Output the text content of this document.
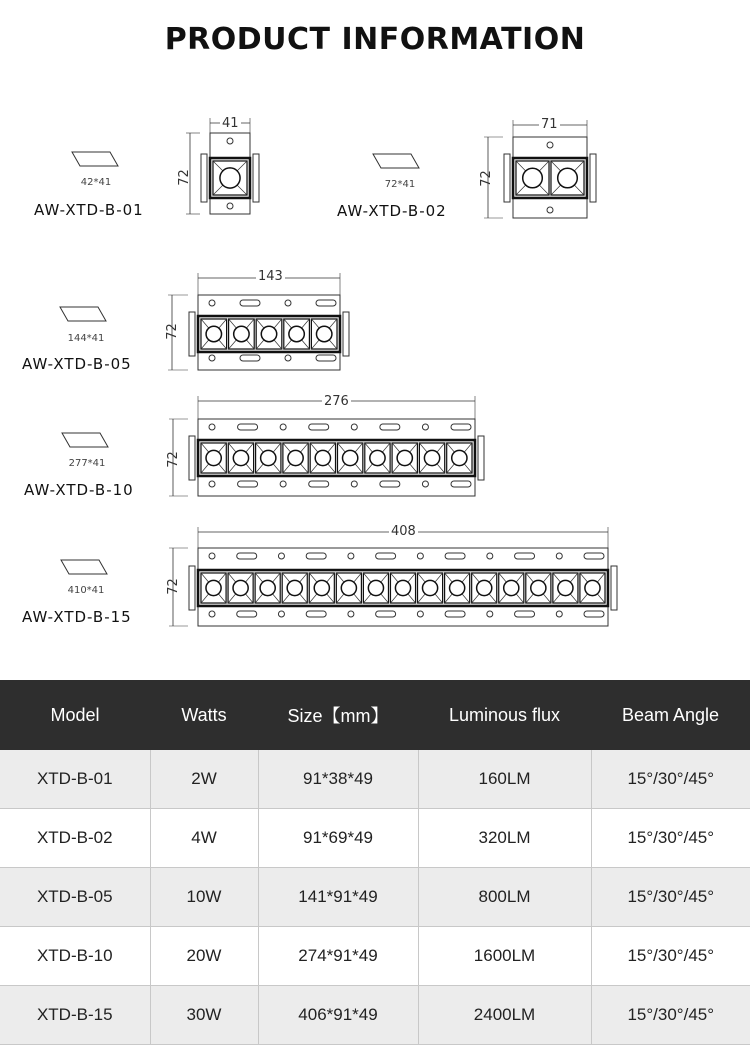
PRODUCT INFORMATION
42*41
AW-XTD-B-01
41
72	72*41
AW-XTD-B-02
71
72
144*41
AW-XTD-B-05
143
72
277*41
AW-XTD-B-10
276
72
410*41
AW-XTD-B-15
408
72
Model	Watts	Size【mm】	Luminous flux	Beam Angle
XTD-B-01	2W	91*38*49	160LM	15°/30°/45°
XTD-B-02	4W	91*69*49	320LM	15°/30°/45°
XTD-B-05	10W	141*91*49	800LM	15°/30°/45°
XTD-B-10	20W	274*91*49	1600LM	15°/30°/45°
XTD-B-15	30W	406*91*49	2400LM	15°/30°/45°
